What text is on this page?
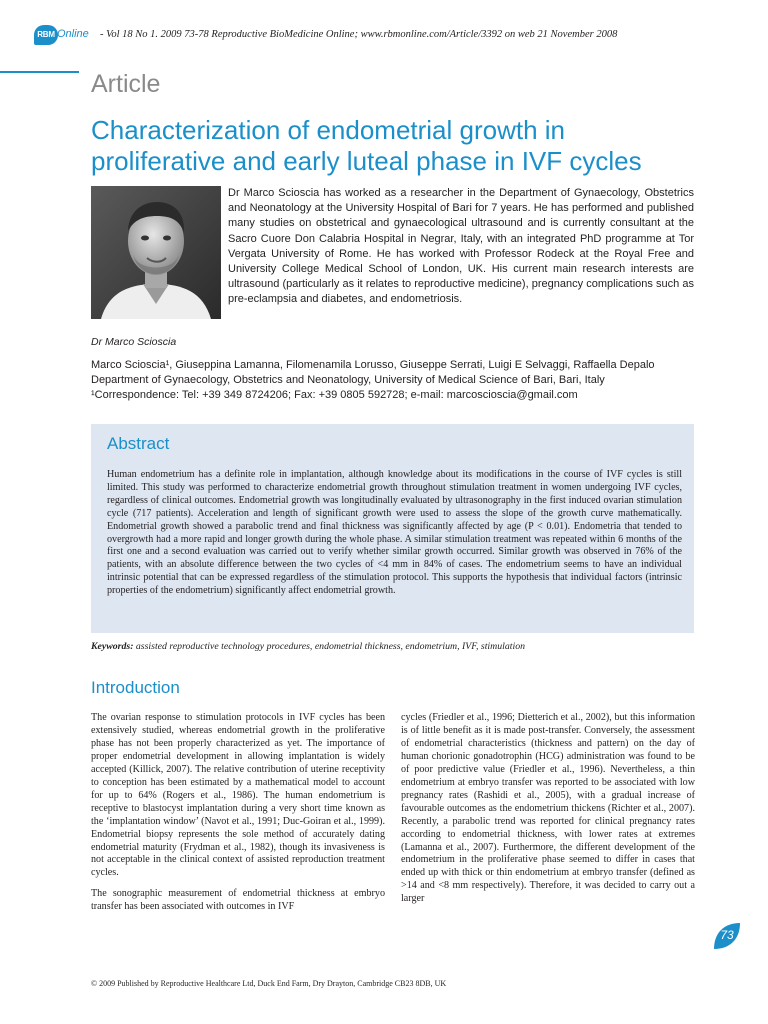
RBM Online - Vol 18 No 1. 2009 73-78 Reproductive BioMedicine Online; www.rbmonline.com/Article/3392 on web 21 November 2008
Article
Characterization of endometrial growth in
proliferative and early luteal phase in IVF cycles
Dr Marco Scioscia has worked as a researcher in the Department of Gynaecology, Obstetrics and Neonatology at the University Hospital of Bari for 7 years. He has performed and published many studies on obstetrical and gynaecological ultrasound and is currently consultant at the Sacro Cuore Don Calabria Hospital in Negrar, Italy, with an integrated PhD programme at Tor Vergata University of Rome. He has worked with Professor Rodeck at the Royal Free and University College Medical School of London, UK. His current main research interests are ultrasound (particularly as it relates to reproductive medicine), pregnancy complications such as pre-eclampsia and diabetes, and endometriosis.
Dr Marco Scioscia
Marco Scioscia¹, Giuseppina Lamanna, Filomenamila Lorusso, Giuseppe Serrati, Luigi E Selvaggi, Raffaella Depalo
Department of Gynaecology, Obstetrics and Neonatology, University of Medical Science of Bari, Bari, Italy
¹Correspondence: Tel: +39 349 8724206; Fax: +39 0805 592728; e-mail: marcoscioscia@gmail.com
Abstract
Human endometrium has a definite role in implantation, although knowledge about its modifications in the course of IVF cycles is still limited. This study was performed to characterize endometrial growth throughout stimulation treatment in women undergoing IVF cycles, regardless of clinical outcomes. Endometrial growth was longitudinally evaluated by ultrasonography in the first induced ovarian stimulation cycle (717 patients). Acceleration and length of significant growth were used to assess the slope of the growth curve mathematically. Endometrial growth showed a parabolic trend and final thickness was significantly affected by age (P < 0.01). Endometria that tended to overgrowth had a more rapid and longer growth during the whole phase. A similar stimulation treatment was repeated within 6 months of the first one and a second evaluation was carried out to verify whether similar growth occurred. Similar growth was observed in 76% of the patients, with an absolute difference between the two cycles of <4 mm in 84% of cases. The endometrium seems to have an individual intrinsic potential that can be expressed regardless of the stimulation protocol. This supports the hypothesis that individual factors (intrinsic properties of the endometrium) significantly affect endometrial growth.
Keywords: assisted reproductive technology procedures, endometrial thickness, endometrium, IVF, stimulation
Introduction

The ovarian response to stimulation protocols in IVF cycles has been extensively studied, whereas endometrial growth in the proliferative phase has not been properly characterized as yet. The importance of proper endometrial development in allowing implantation is widely accepted (Killick, 2007). The relative contribution of uterine receptivity to conception has been estimated by a mathematical model to account for up to 64% (Rogers et al., 1986). The human endometrium is receptive to blastocyst implantation during a very short time known as the ‘implantation window’ (Navot et al., 1991; Duc-Goiran et al., 1999). Endometrial biopsy represents the sole method of accurately dating endometrial maturity (Frydman et al., 1982), though its invasiveness is not acceptable in the clinical context of assisted reproduction treatment cycles.

The sonographic measurement of endometrial thickness at embryo transfer has been associated with outcomes in IVF

cycles (Friedler et al., 1996; Dietterich et al., 2002), but this information is of little benefit as it is made post-transfer. Conversely, the assessment of endometrial characteristics (thickness and pattern) on the day of human chorionic gonadotrophin (HCG) administration was found to be of poor predictive value (Friedler et al., 1996). Nevertheless, a thin endometrium at embryo transfer was reported to be associated with low pregnancy rates (Rashidi et al., 2005), with a gradual increase of favourable outcomes as the endometrium thickens (Richter et al., 2007). Recently, a parabolic trend was reported for clinical pregnancy rates according to endometrial thickness, with lower rates at extremes (Lamanna et al., 2007). Furthermore, the different development of the endometrium in the proliferative phase seemed to differ in cases that ended up with thick or thin endometrium at embryo transfer (defined as >14 and <8 mm respectively). Therefore, it was decided to carry out a larger

73
© 2009 Published by Reproductive Healthcare Ltd, Duck End Farm, Dry Drayton, Cambridge CB23 8DB, UK
